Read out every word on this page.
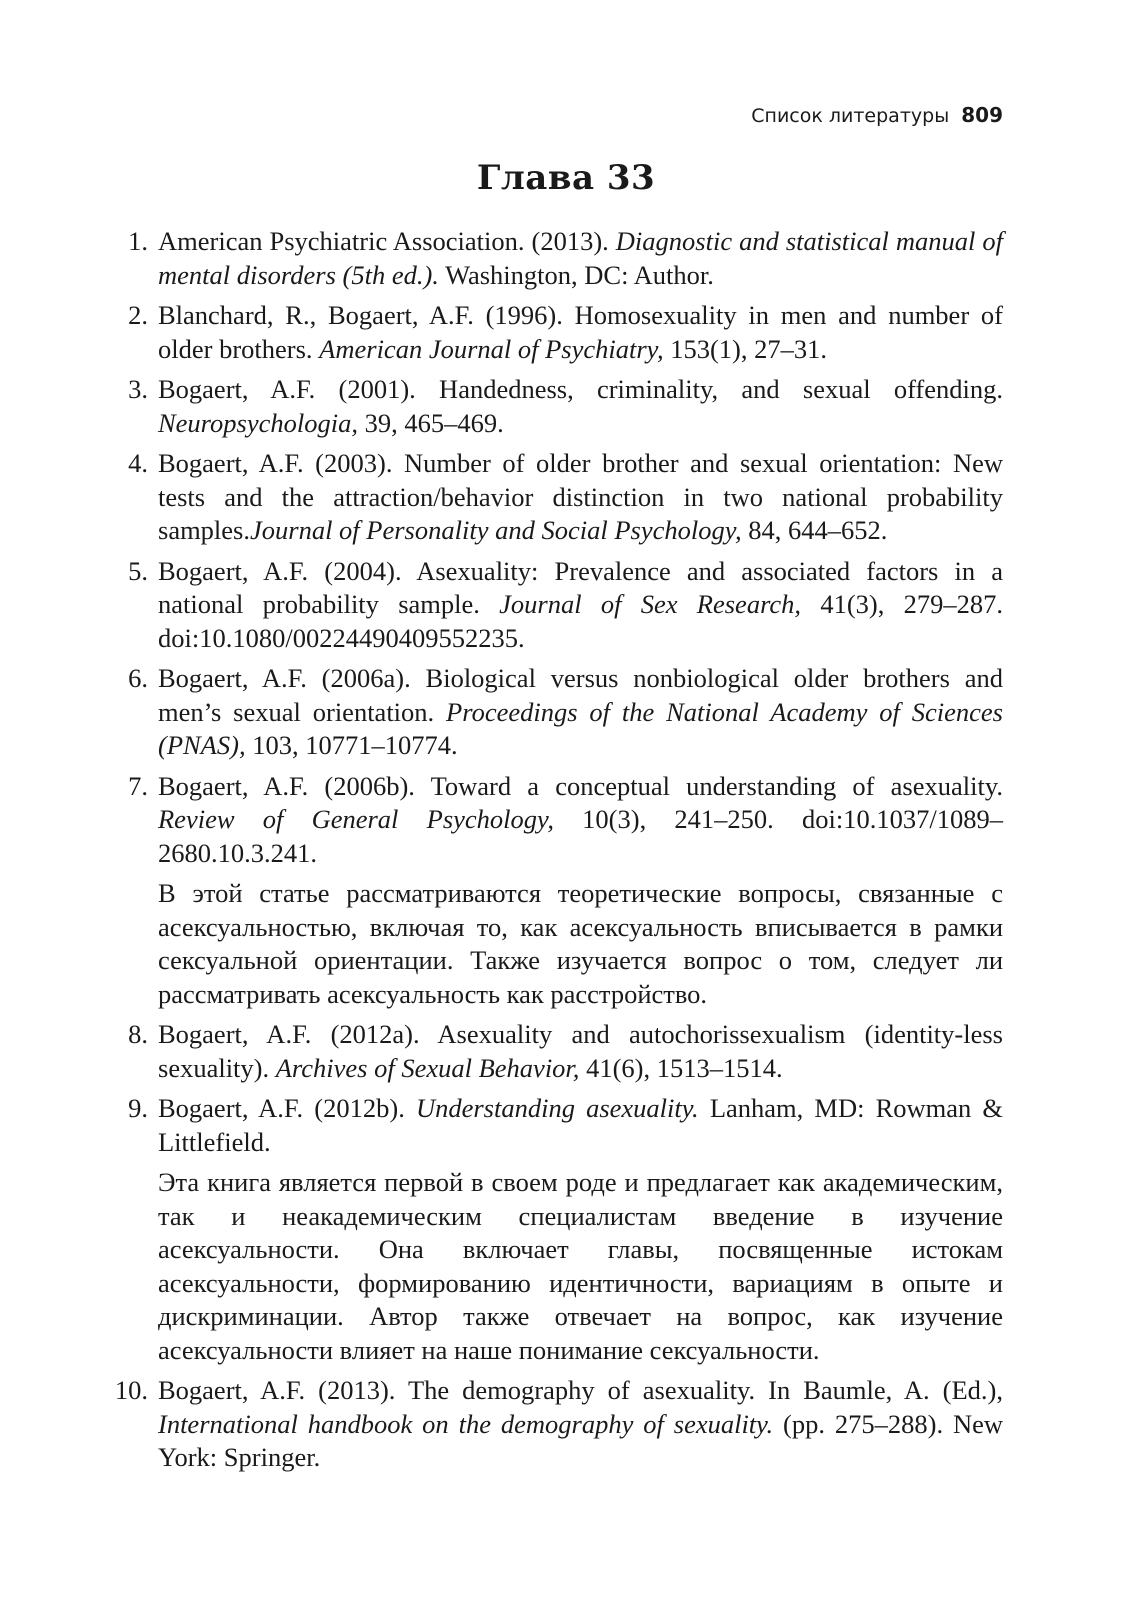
Список литературы 809
Глава 33
1. American Psychiatric Association. (2013). Diagnostic and statistical manual of mental disorders (5th ed.). Washington, DC: Author.
2. Blanchard, R., Bogaert, A.F. (1996). Homosexuality in men and number of older brothers. American Journal of Psychiatry, 153(1), 27–31.
3. Bogaert, A.F. (2001). Handedness, criminality, and sexual offending. Neuropsychologia, 39, 465–469.
4. Bogaert, A.F. (2003). Number of older brother and sexual orientation: New tests and the attraction/behavior distinction in two national probability samples.Journal of Personality and Social Psychology, 84, 644–652.
5. Bogaert, A.F. (2004). Asexuality: Prevalence and associated factors in a national probability sample. Journal of Sex Research, 41(3), 279–287. doi:10.1080/00224490409552235.
6. Bogaert, A.F. (2006a). Biological versus nonbiological older brothers and men’s sexual orientation. Proceedings of the National Academy of Sciences (PNAS), 103, 10771–10774.
7. Bogaert, A.F. (2006b). Toward a conceptual understanding of asexuality. Review of General Psychology, 10(3), 241–250. doi:10.1037/1089–2680.10.3.241.

В этой статье рассматриваются теоретические вопросы, связанные с асексуальностью, включая то, как асексуальность вписывается в рамки сексуальной ориентации. Также изучается вопрос о том, следует ли рассматривать асексуальность как расстройство.

8. Bogaert, A.F. (2012a). Asexuality and autochorissexualism (identity-less sexuality). Archives of Sexual Behavior, 41(6), 1513–1514.
9. Bogaert, A.F. (2012b). Understanding asexuality. Lanham, MD: Rowman & Littlefield.

Эта книга является первой в своем роде и предлагает как академическим, так и неакадемическим специалистам введение в изучение асексуальности. Она включает главы, посвященные истокам асексуальности, формированию идентичности, вариациям в опыте и дискриминации. Автор также отвечает на вопрос, как изучение асексуальности влияет на наше понимание сексуальности.

10. Bogaert, A.F. (2013). The demography of asexuality. In Baumle, A. (Ed.), International handbook on the demography of sexuality. (pp. 275–288). New York: Springer.
